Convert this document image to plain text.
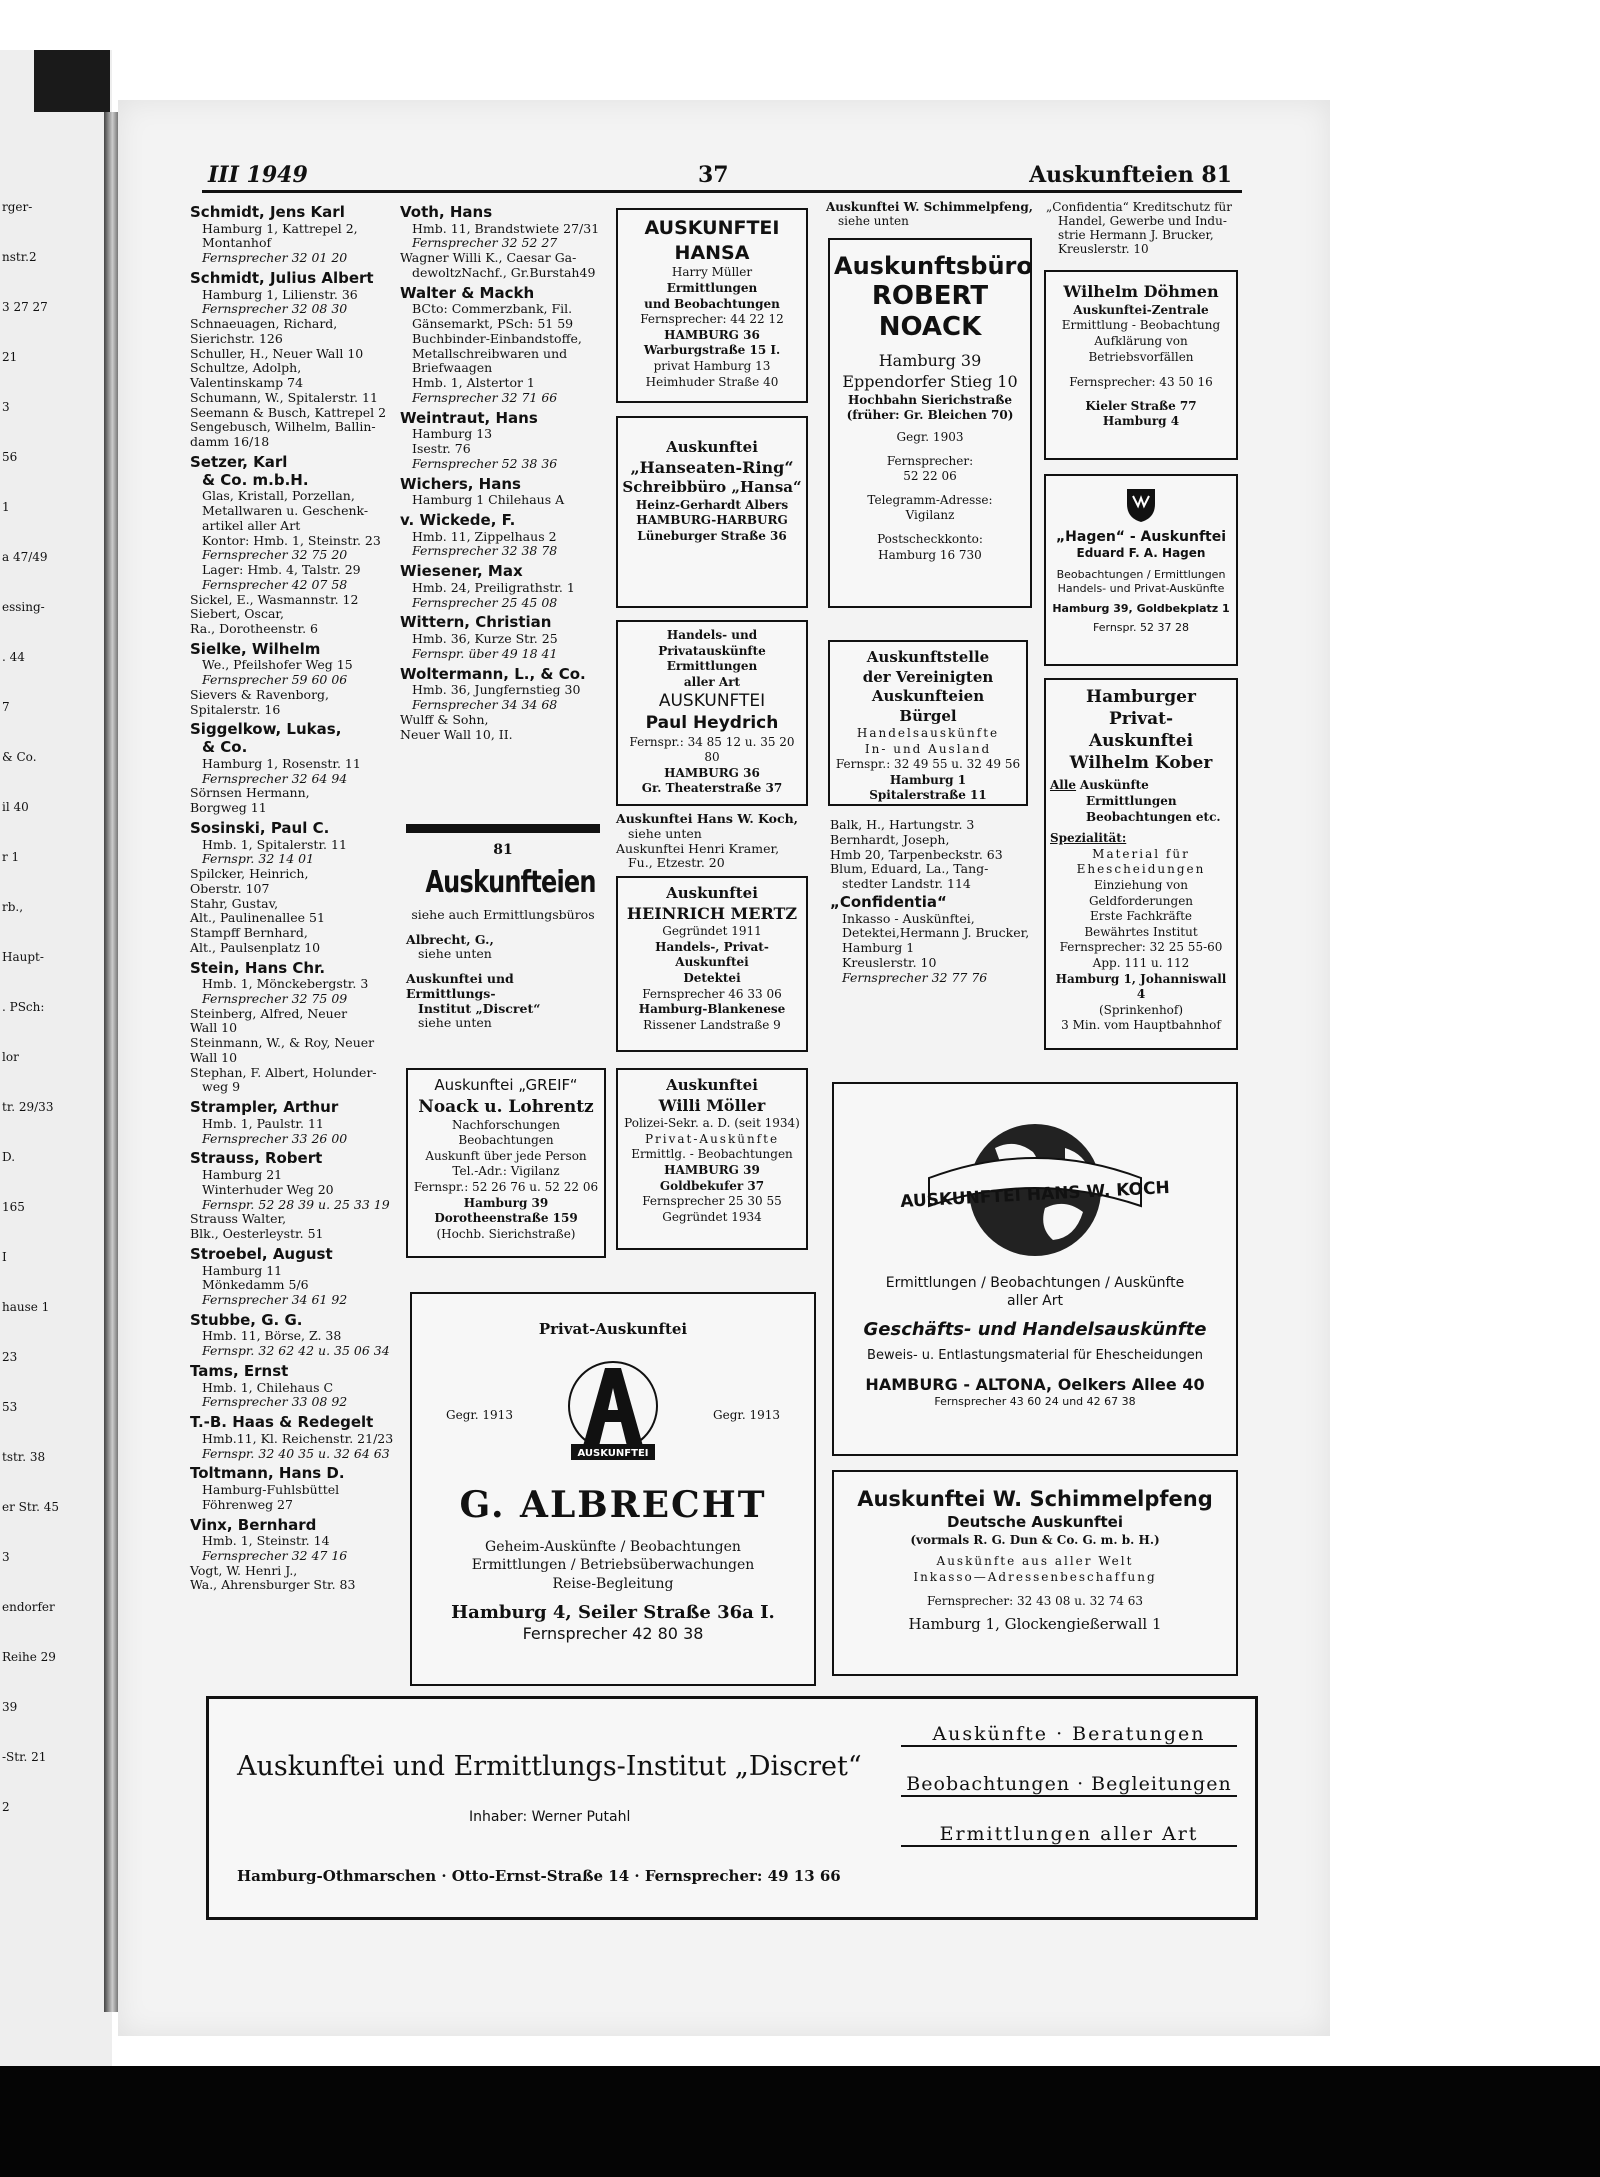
rger-
nstr.2
3 27 27
21
3
56
1
a 47/49
essing-
. 44
7
& Co.
il 40
r 1
rb.,
Haupt-
. PSch:
lor
tr. 29/33
D.
165
I
hause 1
23
53
tstr. 38
er Str. 45
3
endorfer
Reihe 29
39
-Str. 21
2
III 1949	37	Auskunfteien 81
Schmidt, Jens Karl
Hamburg 1, Kattrepel 2,
Montanhof
Fernsprecher 32 01 20
Schmidt, Julius Albert
Hamburg 1, Lilienstr. 36
Fernsprecher 32 08 30
Schnaeuagen, Richard,
Sierichstr. 126
Schuller, H., Neuer Wall 10
Schultze, Adolph,
Valentinskamp 74
Schumann, W., Spitalerstr. 11
Seemann & Busch, Kattrepel 2
Sengebusch, Wilhelm, Ballin-
damm 16/18
Setzer, Karl
& Co. m.b.H.
Glas, Kristall, Porzellan,
Metallwaren u. Geschenk-
artikel aller Art
Kontor: Hmb. 1, Steinstr. 23
Fernsprecher 32 75 20
Lager: Hmb. 4, Talstr. 29
Fernsprecher 42 07 58
Sickel, E., Wasmannstr. 12
Siebert, Oscar,
Ra., Dorotheenstr. 6
Sielke, Wilhelm
We., Pfeilshofer Weg 15
Fernsprecher 59 60 06
Sievers & Ravenborg,
Spitalerstr. 16
Siggelkow, Lukas,
& Co.
Hamburg 1, Rosenstr. 11
Fernsprecher 32 64 94
Sörnsen Hermann,
Borgweg 11
Sosinski, Paul C.
Hmb. 1, Spitalerstr. 11
Fernspr. 32 14 01
Spilcker, Heinrich,
Oberstr. 107
Stahr, Gustav,
Alt., Paulinenallee 51
Stampff Bernhard,
Alt., Paulsenplatz 10
Stein, Hans Chr.
Hmb. 1, Mönckebergstr. 3
Fernsprecher 32 75 09
Steinberg, Alfred, Neuer
Wall 10
Steinmann, W., & Roy, Neuer
Wall 10
Stephan, F. Albert, Holunder-
weg 9
Strampler, Arthur
Hmb. 1, Paulstr. 11
Fernsprecher 33 26 00
Strauss, Robert
Hamburg 21
Winterhuder Weg 20
Fernspr. 52 28 39 u. 25 33 19
Strauss Walter,
Blk., Oesterleystr. 51
Stroebel, August
Hamburg 11
Mönkedamm 5/6
Fernsprecher 34 61 92
Stubbe, G. G.
Hmb. 11, Börse, Z. 38
Fernspr. 32 62 42 u. 35 06 34
Tams, Ernst
Hmb. 1, Chilehaus C
Fernsprecher 33 08 92
T.-B. Haas & Redegelt
Hmb.11, Kl. Reichenstr. 21/23
Fernspr. 32 40 35 u. 32 64 63
Toltmann, Hans D.
Hamburg-Fuhlsbüttel
Föhrenweg 27
Vinx, Bernhard
Hmb. 1, Steinstr. 14
Fernsprecher 32 47 16
Vogt, W. Henri J.,
Wa., Ahrensburger Str. 83
Voth, Hans
Hmb. 11, Brandstwiete 27/31
Fernsprecher 32 52 27
Wagner Willi K., Caesar Ga-
dewoltzNachf., Gr.Burstah49
Walter & Mackh
BCto: Commerzbank, Fil.
Gänsemarkt, PSch: 51 59
Buchbinder-Einbandstoffe,
Metallschreibwaren und
Briefwaagen
Hmb. 1, Alstertor 1
Fernsprecher 32 71 66
Weintraut, Hans
Hamburg 13
Isestr. 76
Fernsprecher 52 38 36
Wichers, Hans
Hamburg 1 Chilehaus A
v. Wickede, F.
Hmb. 11, Zippelhaus 2
Fernsprecher 32 38 78
Wiesener, Max
Hmb. 24, Preiligrathstr. 1
Fernsprecher 25 45 08
Wittern, Christian
Hmb. 36, Kurze Str. 25
Fernspr. über 49 18 41
Woltermann, L., & Co.
Hmb. 36, Jungfernstieg 30
Fernsprecher 34 34 68
Wulff & Sohn,
Neuer Wall 10, II.
81
Auskunfteien
siehe auch Ermittlungsbüros
Albrecht, G.,
siehe unten
Auskunftei und Ermittlungs-
Institut „Discret“
siehe unten
Auskunftei „GREIF“
Noack u. Lohrentz
Nachforschungen
Beobachtungen
Auskunft über jede Person
Tel.-Adr.: Vigilanz
Fernspr.: 52 26 76 u. 52 22 06
Hamburg 39
Dorotheenstraße 159
(Hochb. Sierichstraße)
Privat-Auskunftei
Gegr. 1913
AUSKUNFTEI
Gegr. 1913
G. ALBRECHT
Geheim-Auskünfte / Beobachtungen
Ermittlungen / Betriebsüberwachungen
Reise-Begleitung
Hamburg 4, Seiler Straße 36a I.
Fernsprecher 42 80 38
AUSKUNFTEI
HANSA
Harry Müller
Ermittlungen
und Beobachtungen
Fernsprecher: 44 22 12
HAMBURG 36
Warburgstraße 15 I.
privat Hamburg 13
Heimhuder Straße 40
Auskunftei
„Hanseaten-Ring“
Schreibbüro „Hansa“
Heinz-Gerhardt Albers
HAMBURG-HARBURG
Lüneburger Straße 36
Handels- und
Privatauskünfte
Ermittlungen
aller Art
AUSKUNFTEI
Paul Heydrich
Fernspr.: 34 85 12 u. 35 20 80
HAMBURG 36
Gr. Theaterstraße 37
Auskunftei Hans W. Koch,
siehe unten
Auskunftei Henri Kramer,
Fu., Etzestr. 20
Auskunftei
HEINRICH MERTZ
Gegründet 1911
Handels-, Privat-
Auskunftei
Detektei
Fernsprecher 46 33 06
Hamburg-Blankenese
Rissener Landstraße 9
Auskunftei
Willi Möller
Polizei-Sekr. a. D. (seit 1934)
Privat-Auskünfte
Ermittlg. - Beobachtungen
HAMBURG 39
Goldbekufer 37
Fernsprecher 25 30 55
Gegründet 1934
Auskunftei W. Schimmelpfeng,
siehe unten
Auskunftsbüro
ROBERT
NOACK
Hamburg 39
Eppendorfer Stieg 10
Hochbahn Sierichstraße
(früher: Gr. Bleichen 70)
Gegr. 1903
Fernsprecher:
52 22 06
Telegramm-Adresse:
Vigilanz
Postscheckkonto:
Hamburg 16 730
Auskunftstelle
der Vereinigten
Auskunfteien
Bürgel
Handelsauskünfte
In- und Ausland
Fernspr.: 32 49 55 u. 32 49 56
Hamburg 1
Spitalerstraße 11
Balk, H., Hartungstr. 3
Bernhardt, Joseph,
Hmb 20, Tarpenbeckstr. 63
Blum, Eduard, La., Tang-
stedter Landstr. 114
„Confidentia“
Inkasso - Auskünftei,
Detektei,Hermann J. Brucker,
Hamburg 1
Kreuslerstr. 10
Fernsprecher 32 77 76
„Confidentia“ Kreditschutz für
Handel, Gewerbe und Indu-
strie Hermann J. Brucker,
Kreuslerstr. 10
Wilhelm Döhmen
Auskunftei-Zentrale
Ermittlung - Beobachtung
Aufklärung von
Betriebsvorfällen
Fernsprecher: 43 50 16
Kieler Straße 77
Hamburg 4
„Hagen“ - Auskunftei
Eduard F. A. Hagen
Beobachtungen / Ermittlungen
Handels- und Privat-Auskünfte
Hamburg 39, Goldbekplatz 1
Fernspr. 52 37 28
Hamburger
Privat-
Auskunftei
Wilhelm Kober
Alle Auskünfte
Ermittlungen
Beobachtungen etc.
Spezialität:
Material für
Ehescheidungen
Einziehung von
Geldforderungen
Erste Fachkräfte
Bewährtes Institut
Fernsprecher: 32 25 55-60
App. 111 u. 112
Hamburg 1, Johanniswall 4
(Sprinkenhof)
3 Min. vom Hauptbahnhof
AUSKUNFTEI HANS W. KOCH
Ermittlungen / Beobachtungen / Auskünfte
aller Art
Geschäfts- und Handelsauskünfte
Beweis- u. Entlastungsmaterial für Ehescheidungen
HAMBURG - ALTONA, Oelkers Allee 40
Fernsprecher 43 60 24 und 42 67 38
Auskunftei W. Schimmelpfeng
Deutsche Auskunftei
(vormals R. G. Dun & Co. G. m. b. H.)
Auskünfte aus aller Welt
Inkasso—Adressenbeschaffung
Fernsprecher: 32 43 08 u. 32 74 63
Hamburg 1, Glockengießerwall 1
Auskunftei und Ermittlungs-Institut „Discret“
Inhaber: Werner Putahl
Hamburg-Othmarschen · Otto-Ernst-Straße 14 · Fernsprecher: 49 13 66
Auskünfte · Beratungen
Beobachtungen · Begleitungen
Ermittlungen aller Art
